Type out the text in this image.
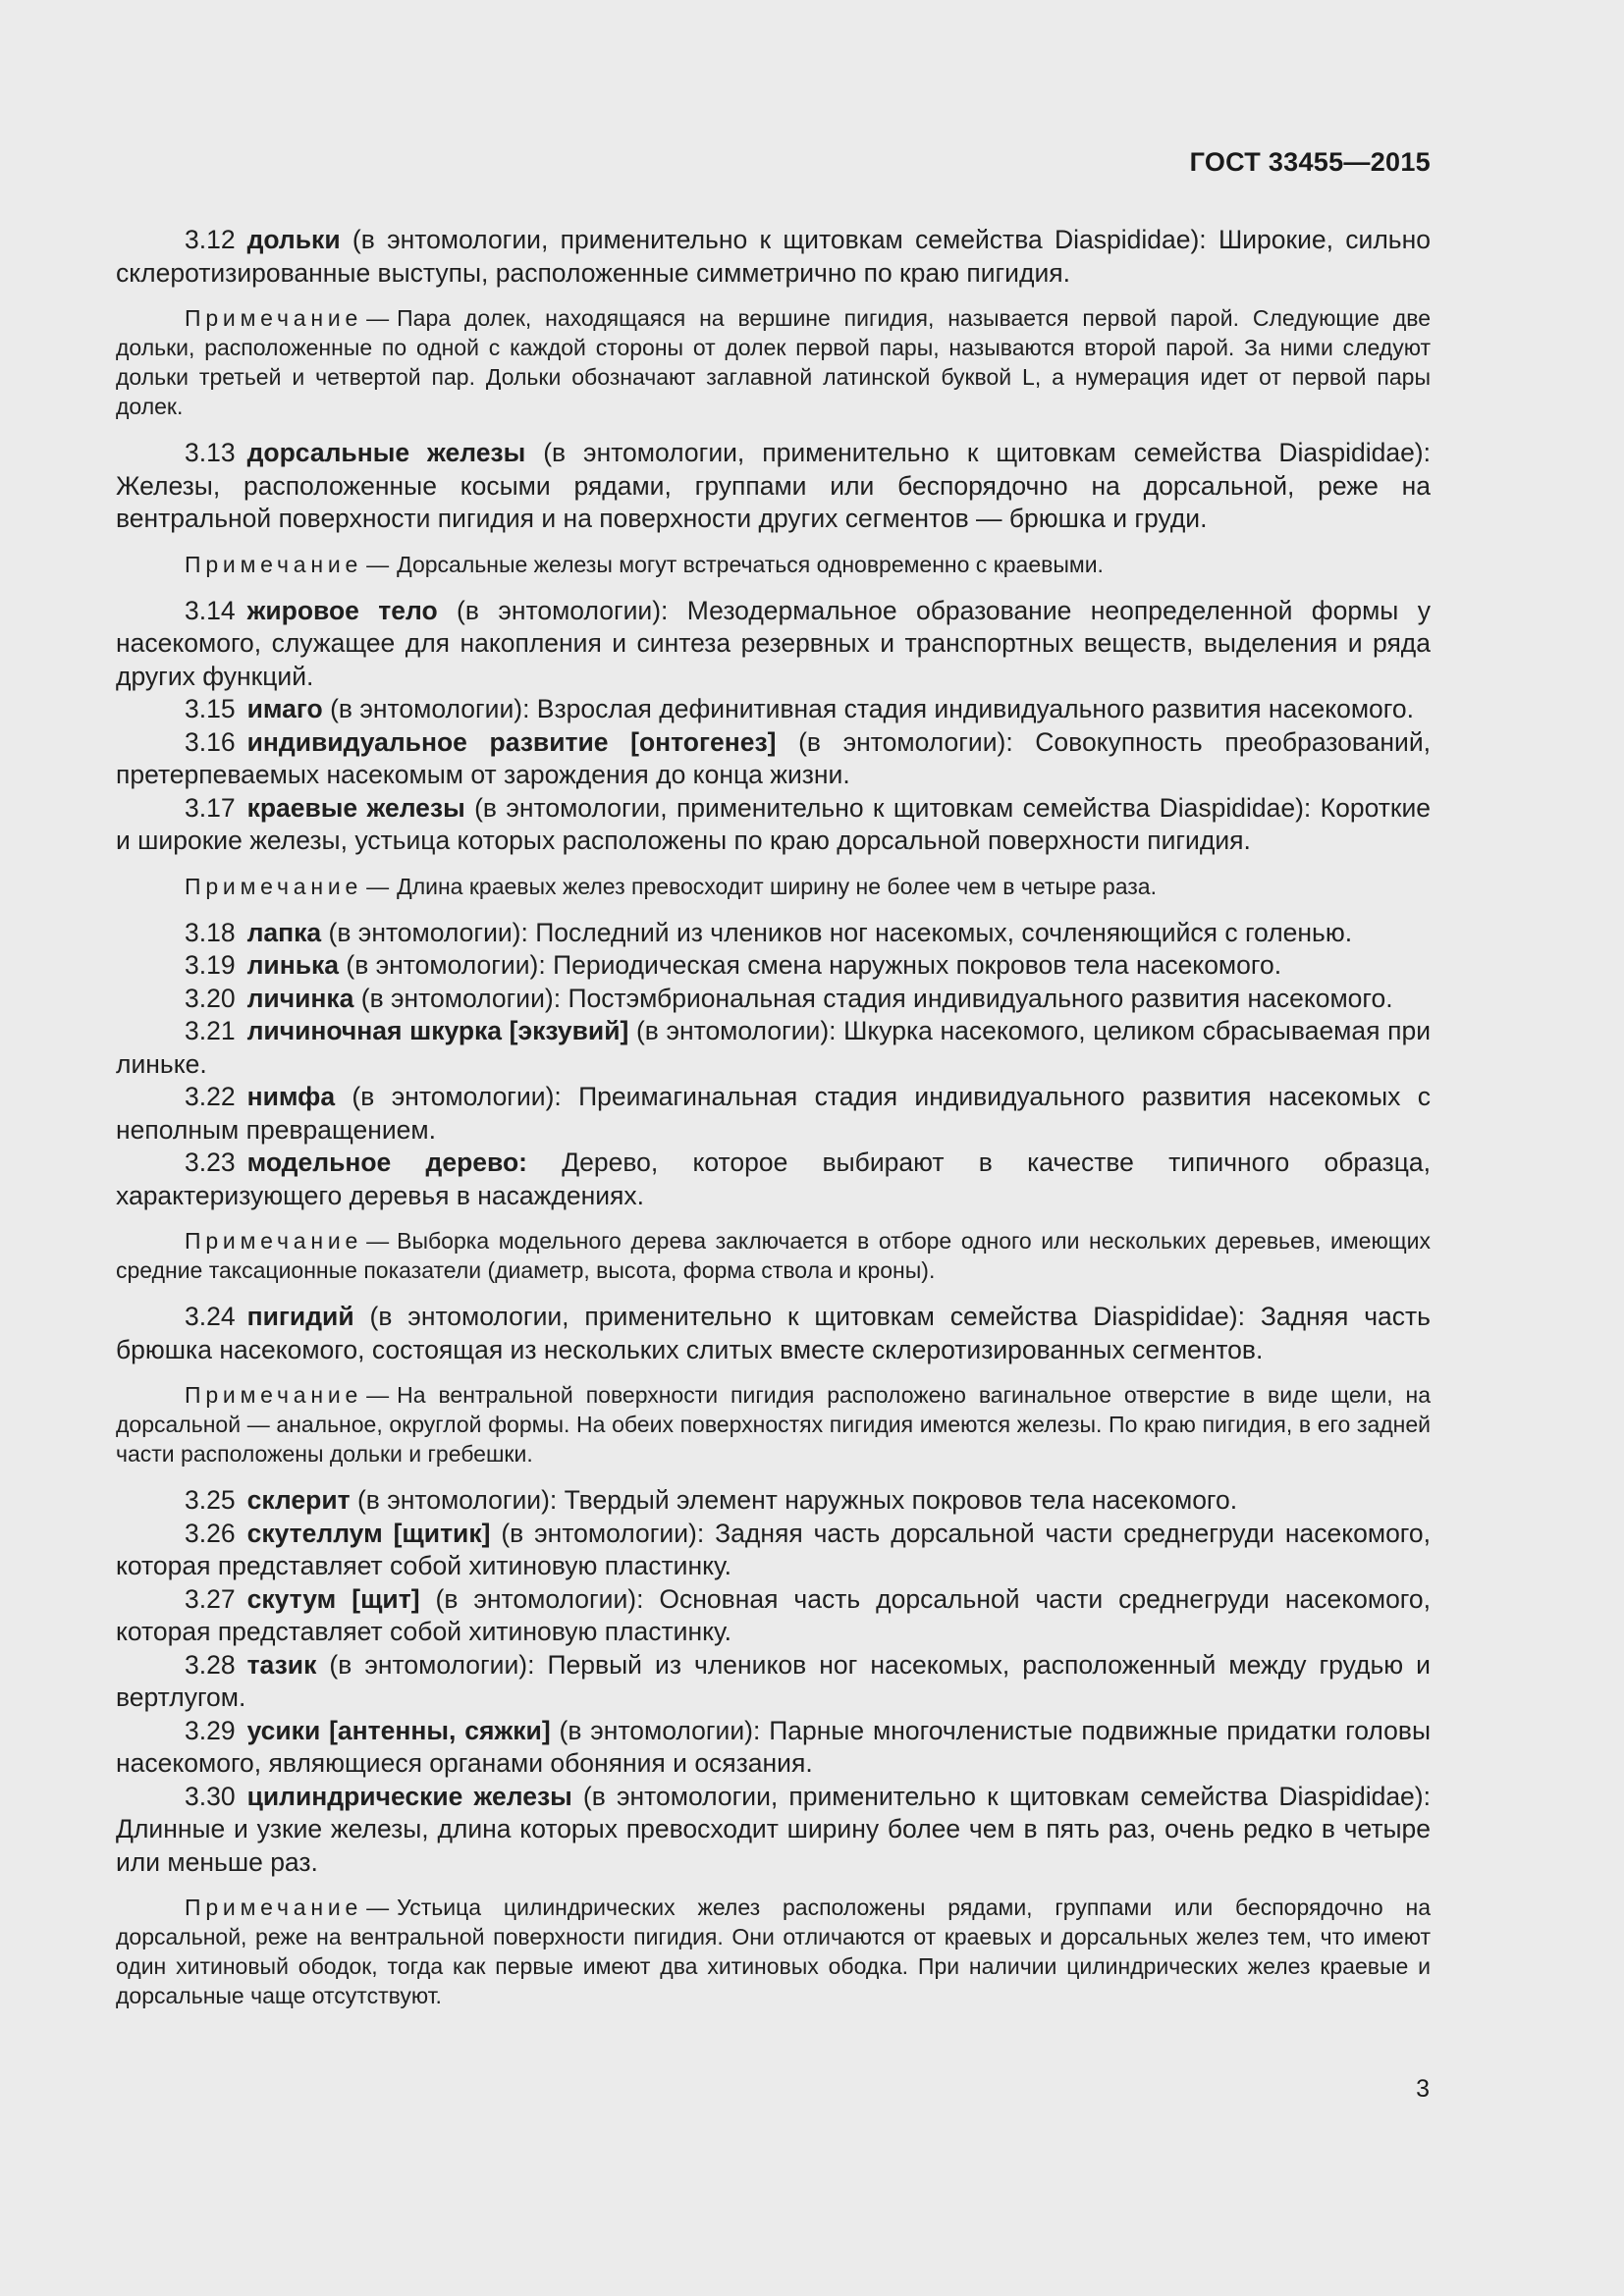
ГОСТ 33455—2015

3.12 дольки (в энтомологии, применительно к щитовкам семейства Diaspididae): Широкие, сильно склеротизированные выступы, расположенные симметрично по краю пигидия.

Примечание — Пара долек, находящаяся на вершине пигидия, называется первой парой. Следующие две дольки, расположенные по одной с каждой стороны от долек первой пары, называются второй парой. За ними следуют дольки третьей и четвертой пар. Дольки обозначают заглавной латинской буквой L, а нумерация идет от первой пары долек.

3.13 дорсальные железы (в энтомологии, применительно к щитовкам семейства Diaspididae): Железы, расположенные косыми рядами, группами или беспорядочно на дорсальной, реже на вентральной поверхности пигидия и на поверхности других сегментов — брюшка и груди.

Примечание — Дорсальные железы могут встречаться одновременно с краевыми.

3.14 жировое тело (в энтомологии): Мезодермальное образование неопределенной формы у насекомого, служащее для накопления и синтеза резервных и транспортных веществ, выделения и ряда других функций.

3.15 имаго (в энтомологии): Взрослая дефинитивная стадия индивидуального развития насекомого.

3.16 индивидуальное развитие [онтогенез] (в энтомологии): Совокупность преобразований, претерпеваемых насекомым от зарождения до конца жизни.

3.17 краевые железы (в энтомологии, применительно к щитовкам семейства Diaspididae): Короткие и широкие железы, устьица которых расположены по краю дорсальной поверхности пигидия.

Примечание — Длина краевых желез превосходит ширину не более чем в четыре раза.

3.18 лапка (в энтомологии): Последний из члеников ног насекомых, сочленяющийся с голенью.

3.19 линька (в энтомологии): Периодическая смена наружных покровов тела насекомого.

3.20 личинка (в энтомологии): Постэмбриональная стадия индивидуального развития насекомого.

3.21 личиночная шкурка [экзувий] (в энтомологии): Шкурка насекомого, целиком сбрасываемая при линьке.

3.22 нимфа (в энтомологии): Преимагинальная стадия индивидуального развития насекомых с неполным превращением.

3.23 модельное дерево: Дерево, которое выбирают в качестве типичного образца, характеризующего деревья в насаждениях.

Примечание — Выборка модельного дерева заключается в отборе одного или нескольких деревьев, имеющих средние таксационные показатели (диаметр, высота, форма ствола и кроны).

3.24 пигидий (в энтомологии, применительно к щитовкам семейства Diaspididae): Задняя часть брюшка насекомого, состоящая из нескольких слитых вместе склеротизированных сегментов.

Примечание — На вентральной поверхности пигидия расположено вагинальное отверстие в виде щели, на дорсальной — анальное, округлой формы. На обеих поверхностях пигидия имеются железы. По краю пигидия, в его задней части расположены дольки и гребешки.

3.25 склерит (в энтомологии): Твердый элемент наружных покровов тела насекомого.

3.26 скутеллум [щитик] (в энтомологии): Задняя часть дорсальной части среднегруди насекомого, которая представляет собой хитиновую пластинку.

3.27 скутум [щит] (в энтомологии): Основная часть дорсальной части среднегруди насекомого, которая представляет собой хитиновую пластинку.

3.28 тазик (в энтомологии): Первый из члеников ног насекомых, расположенный между грудью и вертлугом.

3.29 усики [антенны, сяжки] (в энтомологии): Парные многочленистые подвижные придатки головы насекомого, являющиеся органами обоняния и осязания.

3.30 цилиндрические железы (в энтомологии, применительно к щитовкам семейства Diaspididae): Длинные и узкие железы, длина которых превосходит ширину более чем в пять раз, очень редко в четыре или меньше раз.

Примечание — Устьица цилиндрических желез расположены рядами, группами или беспорядочно на дорсальной, реже на вентральной поверхности пигидия. Они отличаются от краевых и дорсальных желез тем, что имеют один хитиновый ободок, тогда как первые имеют два хитиновых ободка. При наличии цилиндрических желез краевые и дорсальные чаще отсутствуют.

3
